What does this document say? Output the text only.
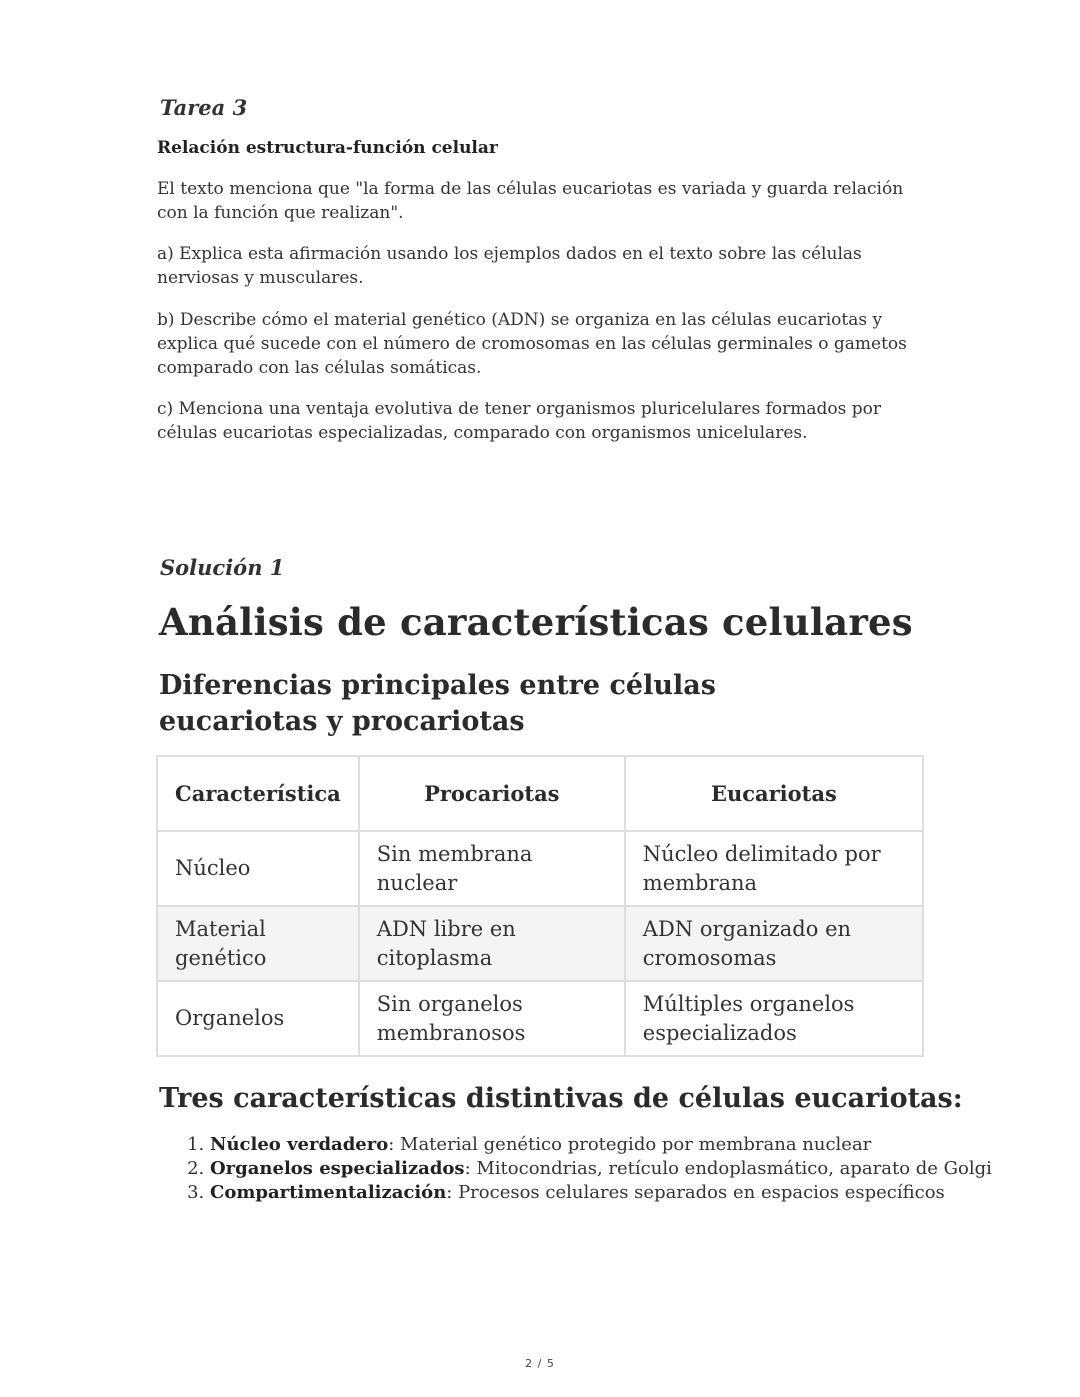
Tarea 3
Relación estructura-función celular
El texto menciona que "la forma de las células eucariotas es variada y guarda relación con la función que realizan".
a) Explica esta afirmación usando los ejemplos dados en el texto sobre las células nerviosas y musculares.
b) Describe cómo el material genético (ADN) se organiza en las células eucariotas y explica qué sucede con el número de cromosomas en las células germinales o gametos comparado con las células somáticas.
c) Menciona una ventaja evolutiva de tener organismos pluricelulares formados por células eucariotas especializadas, comparado con organismos unicelulares.
Solución 1
Análisis de características celulares
Diferencias principales entre células eucariotas y procariotas
Característica	Procariotas	Eucariotas
Núcleo	Sin membrana nuclear	Núcleo delimitado por membrana
Material genético	ADN libre en citoplasma	ADN organizado en cromosomas
Organelos	Sin organelos membranosos	Múltiples organelos especializados
Tres características distintivas de células eucariotas:
1. Núcleo verdadero: Material genético protegido por membrana nuclear
2. Organelos especializados: Mitocondrias, retículo endoplasmático, aparato de Golgi
3. Compartimentalización: Procesos celulares separados en espacios específicos
2 / 5
